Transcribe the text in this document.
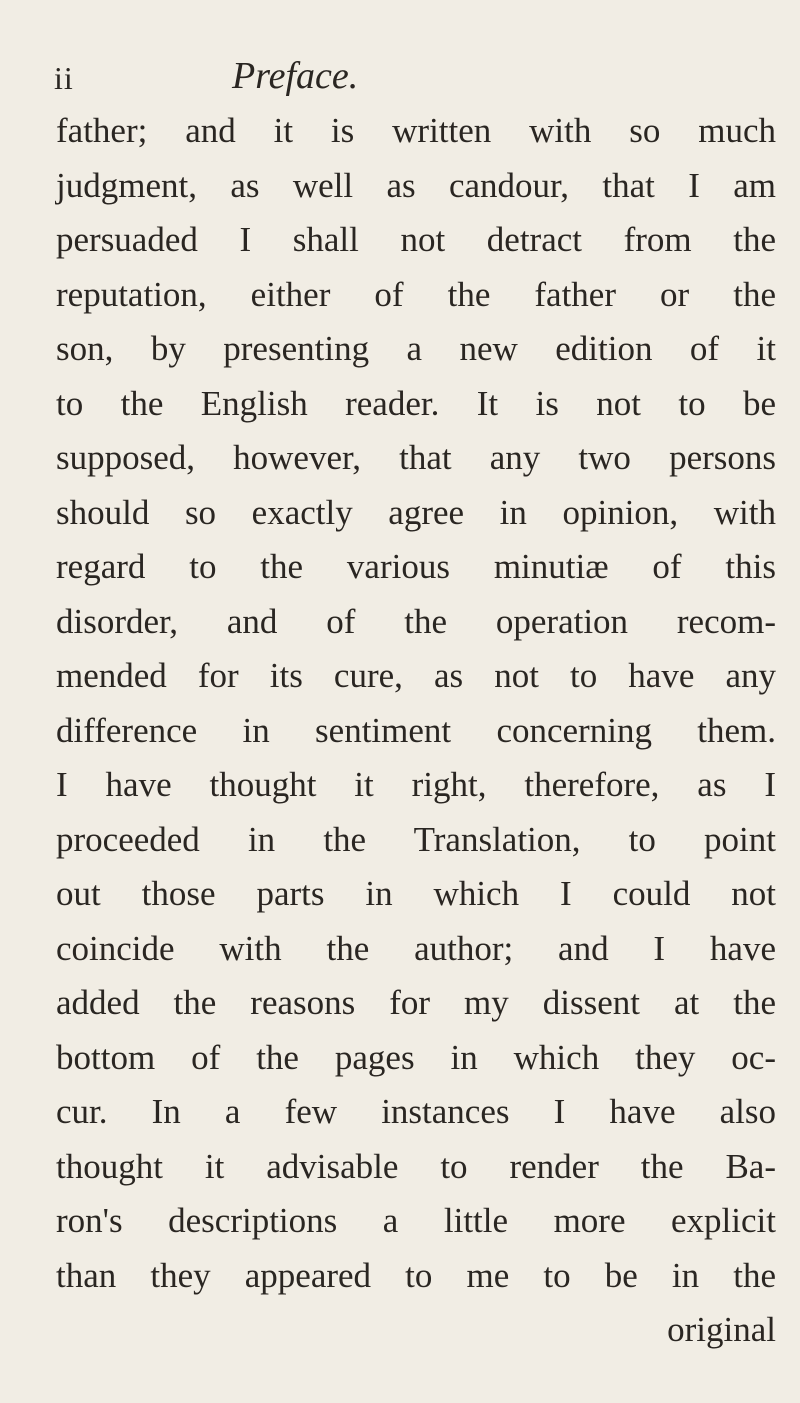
ii	Preface.
father; and it is written with so much
judgment, as well as candour, that I am
persuaded I shall not detract from the
reputation, either of the father or the
son, by presenting a new edition of it
to the English reader. It is not to be
supposed, however, that any two persons
should so exactly agree in opinion, with
regard to the various minutiæ of this
disorder, and of the operation recom-
mended for its cure, as not to have any
difference in sentiment concerning them.
I have thought it right, therefore, as I
proceeded in the Translation, to point
out those parts in which I could not
coincide with the author; and I have
added the reasons for my dissent at the
bottom of the pages in which they oc-
cur. In a few instances I have also
thought it advisable to render the Ba-
ron's descriptions a little more explicit
than they appeared to me to be in the
original
